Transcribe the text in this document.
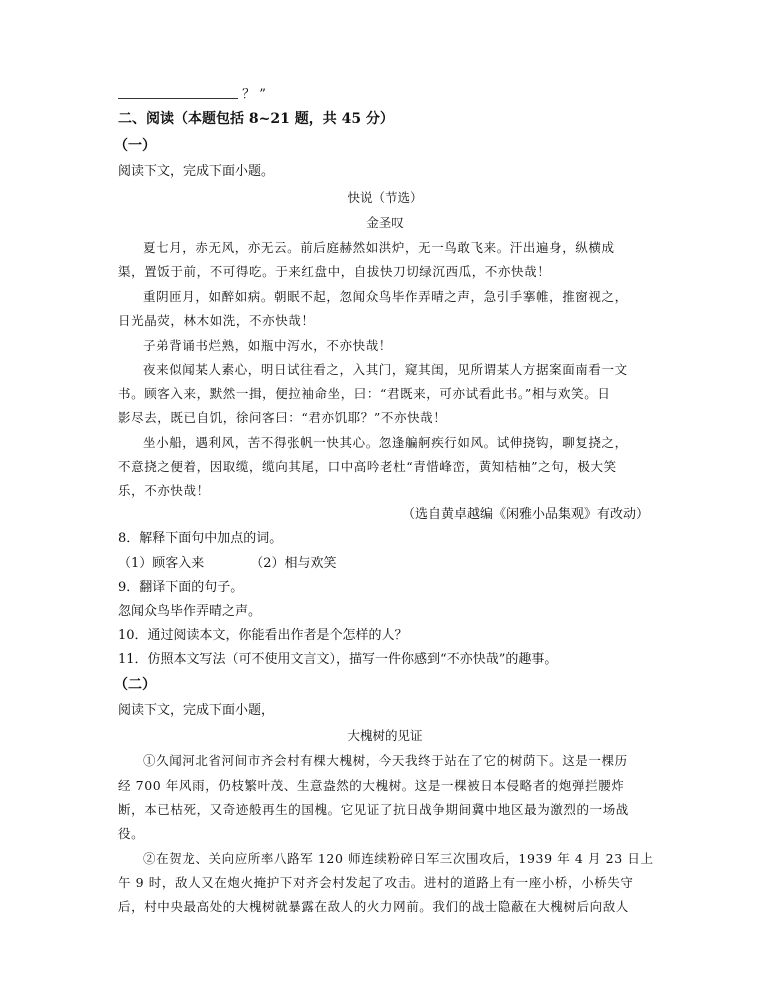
？ ”
二、阅读（本题包括 8~21 题，共 45 分）
（一）
阅读下文，完成下面小题。
快说（节选）
金圣叹
夏七月，赤无风，亦无云。前后庭赫然如洪炉，无一鸟敢飞来。汗出遍身，纵横成
渠，置饭于前，不可得吃。于来红盘中，自拔快刀切绿沉西瓜，不亦快哉！
重阴匝月，如醉如病。朝眠不起，忽闻众鸟毕作弄晴之声，急引手搴帷，推窗视之，
日光晶荧，林木如洗，不亦快哉！
子弟背诵书烂熟，如瓶中泻水，不亦快哉！
夜来似闻某人素心，明日试往看之，入其门，窥其闺，见所谓某人方据案面南看一文
书。顾客入来，默然一揖，便拉袖命坐，曰：“君既来，可亦试看此书。”相与欢笑。日
影尽去，既已自饥，徐问客曰：“君亦饥耶？”不亦快哉！
坐小船，遇利风，苦不得张帆一快其心。忽逢艑舸疾行如风。试伸挠钩，聊复挠之，
不意挠之便着，因取缆，缆向其尾，口中高吟老杜“青惜峰峦，黄知桔柚”之句，极大笑
乐，不亦快哉！
（选自黄卓越编《闲雅小品集观》有改动）
8．解释下面句中加点的词。
（1）顾客入来	（2）相与欢笑
9．翻译下面的句子。
忽闻众鸟毕作弄晴之声。
10．通过阅读本文，你能看出作者是个怎样的人？
11．仿照本文写法（可不使用文言文），描写一件你感到“不亦快哉”的趣事。
（二）
阅读下文，完成下面小题，
大槐树的见证
①久闻河北省河间市齐会村有棵大槐树，今天我终于站在了它的树荫下。这是一棵历
经 700 年风雨，仍枝繁叶茂、生意盎然的大槐树。这是一棵被日本侵略者的炮弹拦腰炸
断，本已枯死，又奇迹般再生的国槐。它见证了抗日战争期间冀中地区最为激烈的一场战
役。
②在贺龙、关向应所率八路军 120 师连续粉碎日军三次围攻后，1939 年 4 月 23 日上
午 9 时，敌人又在炮火掩护下对齐会村发起了攻击。进村的道路上有一座小桥，小桥失守
后，村中央最高处的大槐树就暴露在敌人的火力网前。我们的战士隐蔽在大槐树后向敌人
